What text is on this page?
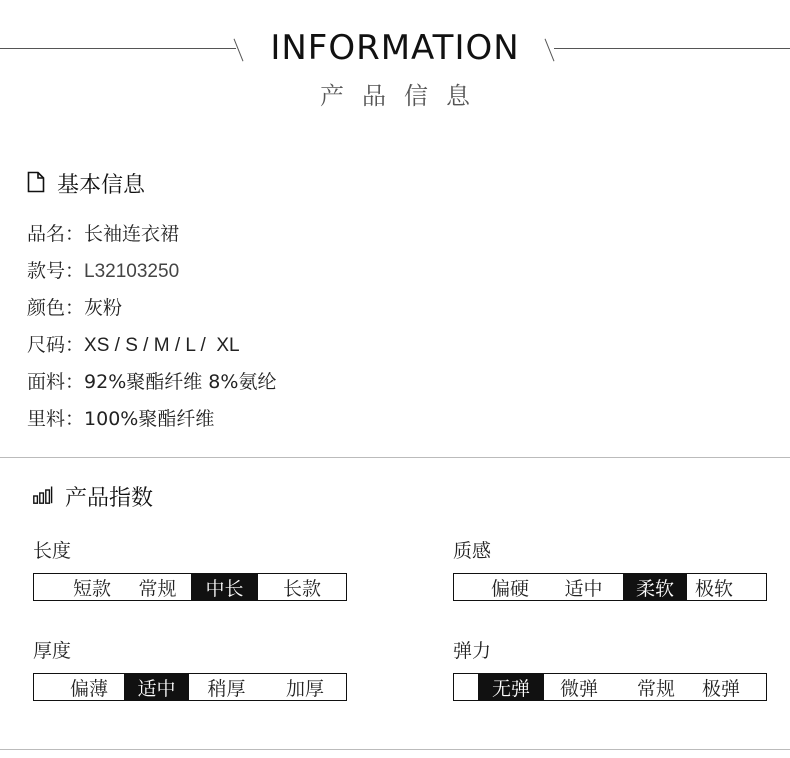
INFORMATION
产品信息
基本信息
品名：长袖连衣裙
款号：L32103250
颜色：灰粉
尺码：XS / S / M / L /  XL
面料：92%聚酯纤维 8%氨纶
里料：100%聚酯纤维
产品指数
长度
短款	常规	中长	长款
质感
偏硬	适中	柔软	极软
厚度
偏薄	适中	稍厚	加厚
弹力
无弹	微弹	常规	极弹
